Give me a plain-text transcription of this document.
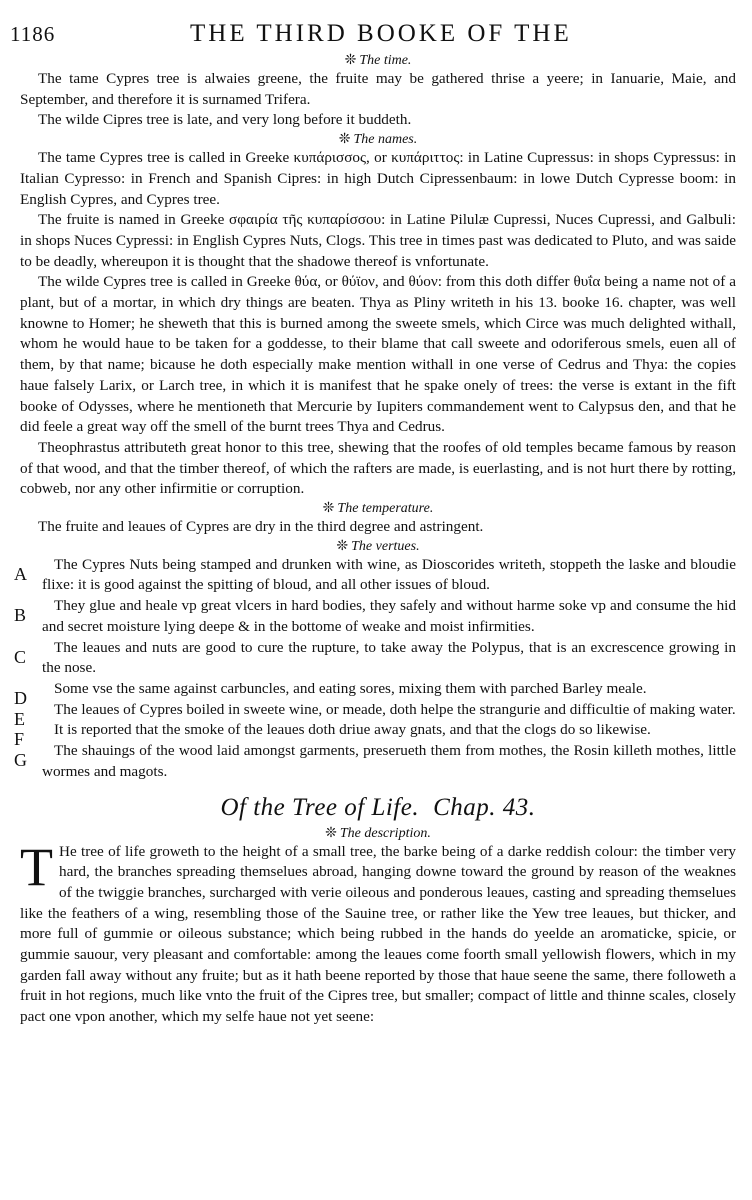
1186	THE THIRD BOOKE OF THE
❊ The time.

The tame Cypres tree is alwaies greene, the fruite may be gathered thrise a yeere; in Ianuarie, Maie, and September, and therefore it is surnamed Trifera.

The wilde Cipres tree is late, and very long before it buddeth.

❊ The names.

The tame Cypres tree is called in Greeke κυπάρισσος, or κυπάριττος: in Latine Cupressus: in shops Cypressus: in Italian Cypresso: in French and Spanish Cipres: in high Dutch Cipressenbaum: in lowe Dutch Cypresse boom: in English Cypres, and Cypres tree.

The fruite is named in Greeke σφαιρία τῆς κυπαρίσσου: in Latine Pilulæ Cupressi, Nuces Cupressi, and Galbuli: in shops Nuces Cypressi: in English Cypres Nuts, Clogs. This tree in times past was dedicated to Pluto, and was saide to be deadly, whereupon it is thought that the shadowe thereof is vnfortunate.

The wilde Cypres tree is called in Greeke θύα, or θύϊον, and θύον: from this doth differ θυΐα being a name not of a plant, but of a mortar, in which dry things are beaten. Thya as Pliny writeth in his 13. booke 16. chapter, was well knowne to Homer; he sheweth that this is burned among the sweete smels, which Circe was much delighted withall, whom he would haue to be taken for a goddesse, to their blame that call sweete and odoriferous smels, euen all of them, by that name; bicause he doth especially make mention withall in one verse of Cedrus and Thya: the copies haue falsely Larix, or Larch tree, in which it is manifest that he spake onely of trees: the verse is extant in the fift booke of Odysses, where he mentioneth that Mercurie by Iupiters commandement went to Calypsus den, and that he did feele a great way off the smell of the burnt trees Thya and Cedrus.

Theophrastus attributeth great honor to this tree, shewing that the roofes of old temples became famous by reason of that wood, and that the timber thereof, of which the rafters are made, is euerlasting, and is not hurt there by rotting, cobweb, nor any other infirmitie or corruption.

❊ The temperature.

The fruite and leaues of Cypres are dry in the third degree and astringent.

❊ The vertues.
A	The Cypres Nuts being stamped and drunken with wine, as Dioscorides writeth, stoppeth the laske and bloudie flixe: it is good against the spitting of bloud, and all other issues of bloud.

B	They glue and heale vp great vlcers in hard bodies, they safely and without harme soke vp and consume the hid and secret moisture lying deepe & in the bottome of weake and moist infirmities.

C	The leaues and nuts are good to cure the rupture, to take away the Polypus, that is an excrescence growing in the nose.

D	Some vse the same against carbuncles, and eating sores, mixing them with parched Barley meale.

E	The leaues of Cypres boiled in sweete wine, or meade, doth helpe the strangurie and difficultie of making water.

F	It is reported that the smoke of the leaues doth driue away gnats, and that the clogs do so likewise.

G	The shauings of the wood laid amongst garments, preserueth them from mothes, the Rosin killeth mothes, little wormes and magots.

Of the Tree of Life. Chap. 43.
❊ The description.
T He tree of life groweth to the height of a small tree, the barke being of a darke reddish colour: the timber very hard, the branches spreading themselues abroad, hanging downe toward the ground by reason of the weaknes of the twiggie branches, surcharged with verie oileous and ponderous leaues, casting and spreading themselues like the feathers of a wing, resembling those of the Sauine tree, or rather like the Yew tree leaues, but thicker, and more full of gummie or oileous substance; which being rubbed in the hands do yeelde an aromaticke, spicie, or gummie sauour, very pleasant and comfortable: among the leaues come foorth small yellowish flowers, which in my garden fall away without any fruite; but as it hath beene reported by those that haue seene the same, there followeth a fruit in hot regions, much like vnto the fruit of the Cipres tree, but smaller; compact of little and thinne scales, closely pact one vpon another, which my selfe haue not yet seene:
